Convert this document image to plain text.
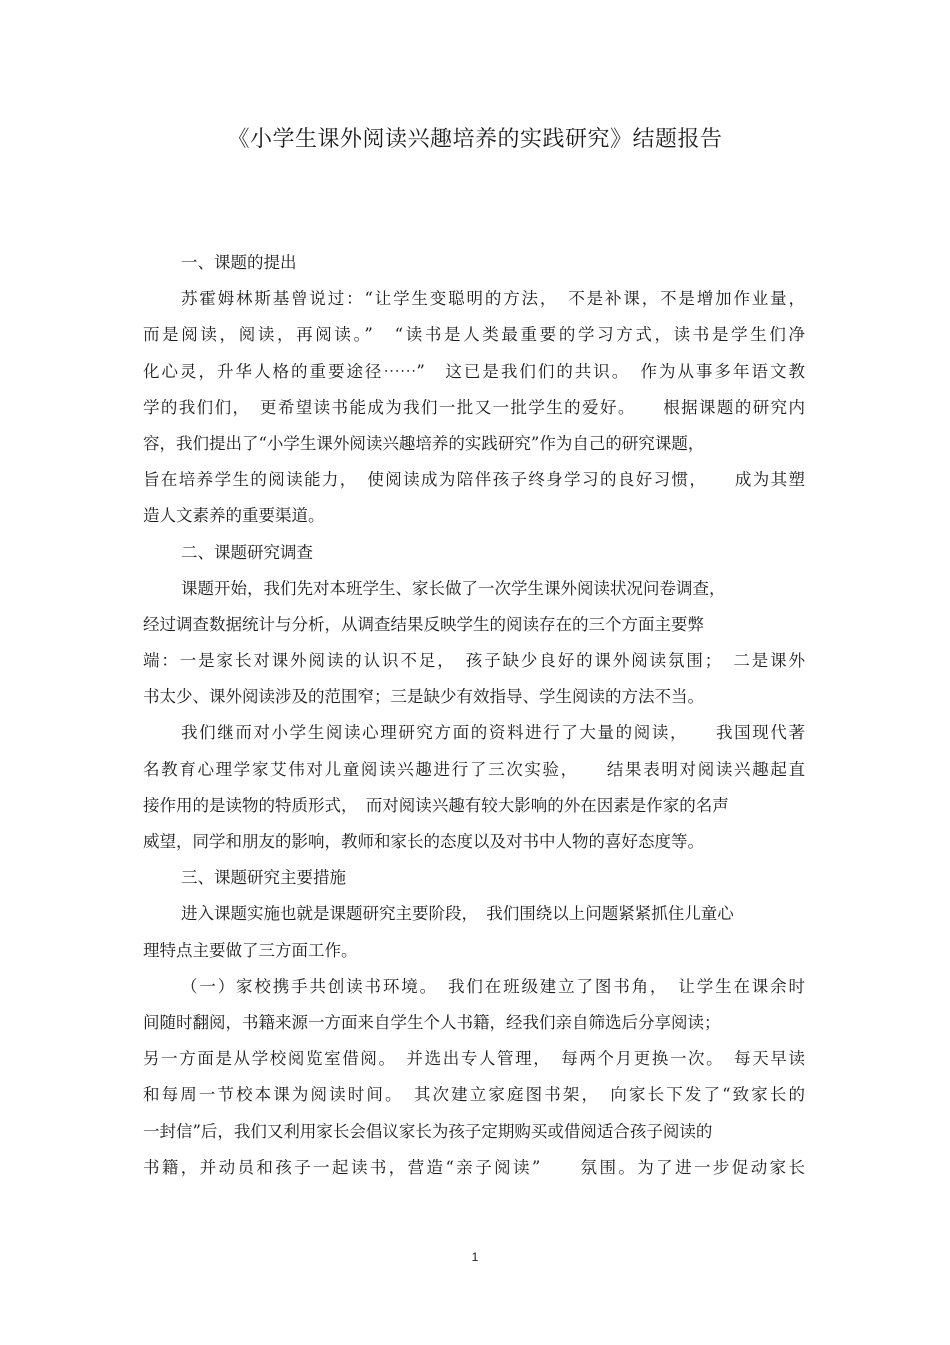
《小学生课外阅读兴趣培养的实践研究》结题报告
一、课题的提出
苏霍姆林斯基曾说过：“让学生变聪明的方法，　不是补课，不是增加作业量，
而是阅读，阅读，再阅读。”　“读书是人类最重要的学习方式，读书是学生们净
化心灵，升华人格的重要途径⋯⋯”　这已是我们们的共识。　作为从事多年语文教
学的我们们，　更希望读书能成为我们一批又一批学生的爱好。　　根据课题的研究内
容，我们提出了“小学生课外阅读兴趣培养的实践研究”作为自己的研究课题，
旨在培养学生的阅读能力，　使阅读成为陪伴孩子终身学习的良好习惯，　　成为其塑
造人文素养的重要渠道。
二、课题研究调查
课题开始，我们先对本班学生、家长做了一次学生课外阅读状况问卷调查，
经过调查数据统计与分析，从调查结果反映学生的阅读存在的三个方面主要弊
端：一是家长对课外阅读的认识不足，　孩子缺少良好的课外阅读氛围；　二是课外
书太少、课外阅读涉及的范围窄；三是缺少有效指导、学生阅读的方法不当。
我们继而对小学生阅读心理研究方面的资料进行了大量的阅读，　　我国现代著
名教育心理学家艾伟对儿童阅读兴趣进行了三次实验，　　结果表明对阅读兴趣起直
接作用的是读物的特质形式，　而对阅读兴趣有较大影响的外在因素是作家的名声
威望，同学和朋友的影响，教师和家长的态度以及对书中人物的喜好态度等。
三、课题研究主要措施
进入课题实施也就是课题研究主要阶段，　我们围绕以上问题紧紧抓住儿童心
理特点主要做了三方面工作。
（一）家校携手共创读书环境。　我们在班级建立了图书角，　让学生在课余时
间随时翻阅，书籍来源一方面来自学生个人书籍，经我们亲自筛选后分享阅读；
另一方面是从学校阅览室借阅。　并选出专人管理，　每两个月更换一次。　每天早读
和每周一节校本课为阅读时间。　其次建立家庭图书架，　向家长下发了“致家长的
一封信”后，我们又利用家长会倡议家长为孩子定期购买或借阅适合孩子阅读的
书籍，并动员和孩子一起读书，营造“亲子阅读”　　氛围。为了进一步促动家长
1
